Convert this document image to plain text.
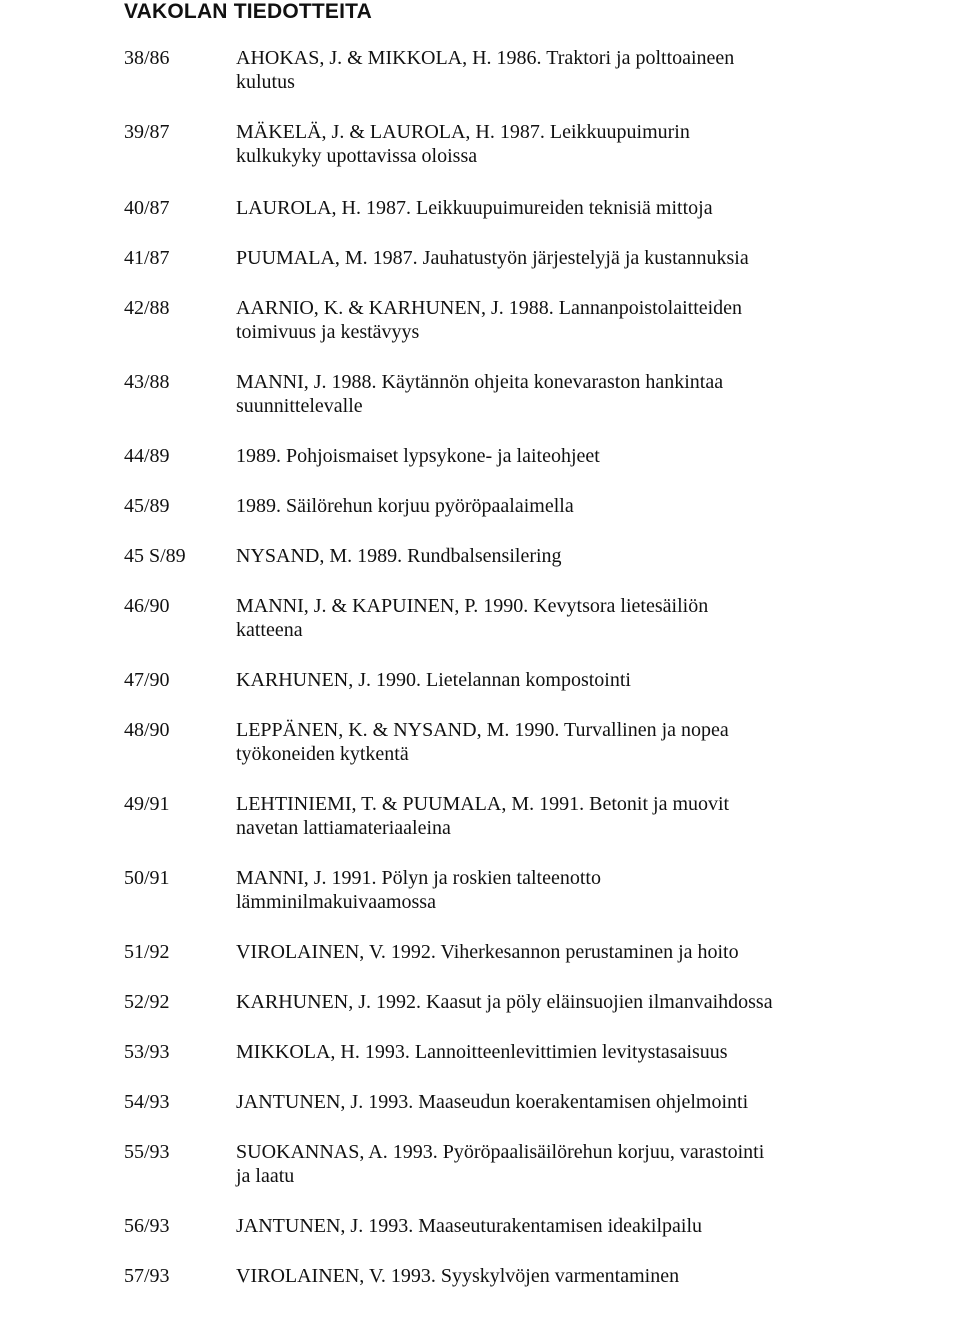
VAKOLAN TIEDOTTEITA
38/86	AHOKAS, J. & MIKKOLA, H. 1986. Traktori ja polttoaineen
kulutus
39/87	MÄKELÄ, J. & LAUROLA, H. 1987. Leikkuupuimurin
kulkukyky upottavissa oloissa
40/87	LAUROLA, H. 1987. Leikkuupuimureiden teknisiä mittoja
41/87	PUUMALA, M. 1987. Jauhatustyön järjestelyjä ja kustannuksia
42/88	AARNIO, K. & KARHUNEN, J. 1988. Lannanpoistolaitteiden
toimivuus ja kestävyys
43/88	MANNI, J. 1988. Käytännön ohjeita konevaraston hankintaa
suunnittelevalle
44/89	1989. Pohjoismaiset lypsykone- ja laiteohjeet
45/89	1989. Säilörehun korjuu pyöröpaalaimella
45 S/89	NYSAND, M. 1989. Rundbalsensilering
46/90	MANNI, J. & KAPUINEN, P. 1990. Kevytsora lietesäiliön
katteena
47/90	KARHUNEN, J. 1990. Lietelannan kompostointi
48/90	LEPPÄNEN, K. & NYSAND, M. 1990. Turvallinen ja nopea
työkoneiden kytkentä
49/91	LEHTINIEMI, T. & PUUMALA, M. 1991. Betonit ja muovit
navetan lattiamateriaaleina
50/91	MANNI, J. 1991. Pölyn ja roskien talteenotto
lämminilmakuivaamossa
51/92	VIROLAINEN, V. 1992. Viherkesannon perustaminen ja hoito
52/92	KARHUNEN, J. 1992. Kaasut ja pöly eläinsuojien ilmanvaihdossa
53/93	MIKKOLA, H. 1993. Lannoitteenlevittimien levitystasaisuus
54/93	JANTUNEN, J. 1993. Maaseudun koerakentamisen ohjelmointi
55/93	SUOKANNAS, A. 1993. Pyöröpaalisäilörehun korjuu, varastointi
ja laatu
56/93	JANTUNEN, J. 1993. Maaseuturakentamisen ideakilpailu
57/93	VIROLAINEN, V. 1993. Syyskylvöjen varmentaminen
